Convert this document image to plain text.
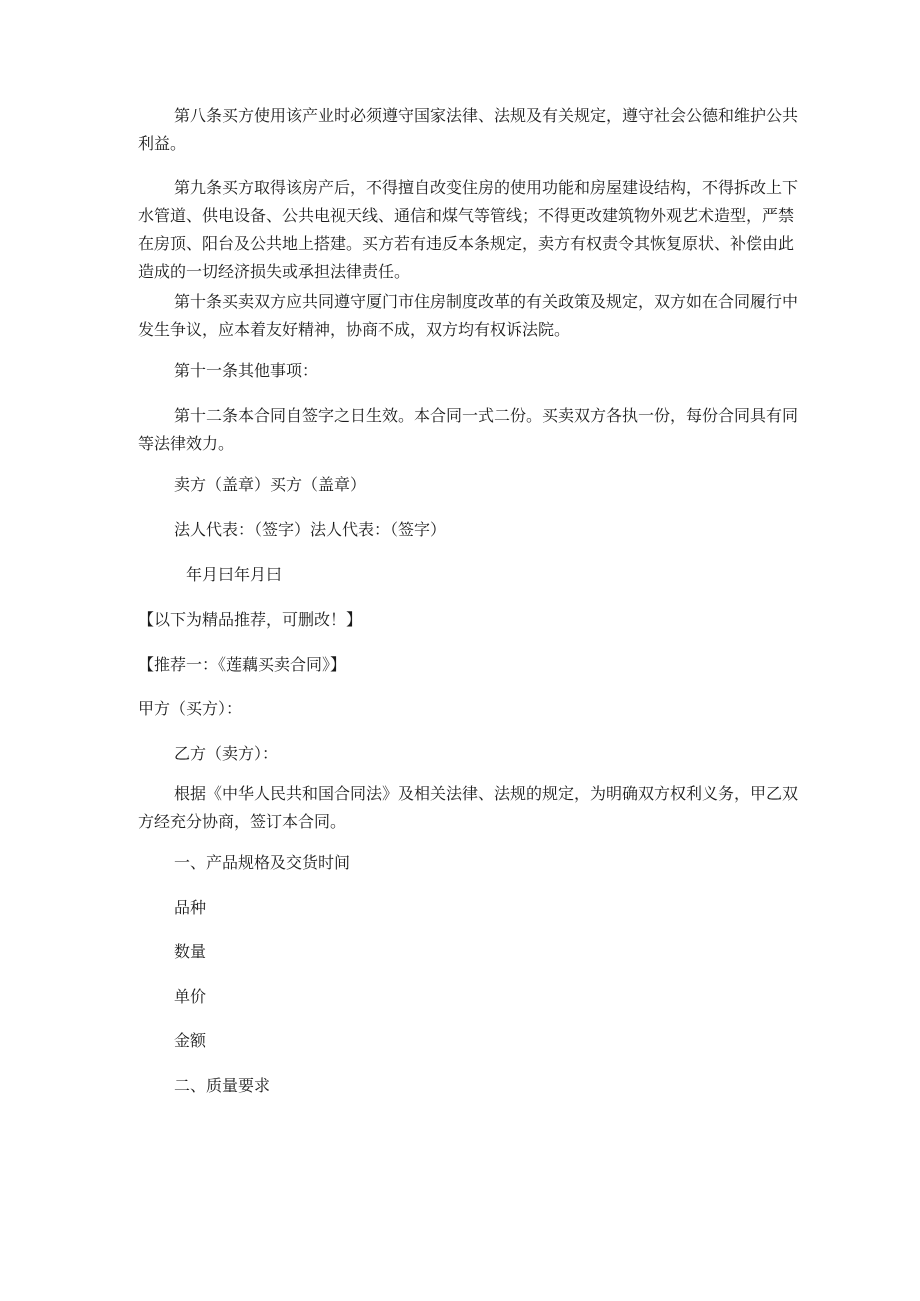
第八条买方使用该产业时必须遵守国家法律、法规及有关规定，遵守社会公德和维护公共利益。

第九条买方取得该房产后，不得擅自改变住房的使用功能和房屋建设结构，不得拆改上下水管道、供电设备、公共电视天线、通信和煤气等管线；不得更改建筑物外观艺术造型，严禁在房顶、阳台及公共地上搭建。买方若有违反本条规定，卖方有权责令其恢复原状、补偿由此造成的一切经济损失或承担法律责任。

第十条买卖双方应共同遵守厦门市住房制度改革的有关政策及规定，双方如在合同履行中发生争议，应本着友好精神，协商不成，双方均有权诉法院。

第十一条其他事项：

第十二条本合同自签字之日生效。本合同一式二份。买卖双方各执一份，每份合同具有同等法律效力。

卖方（盖章）买方（盖章）

法人代表：（签字）法人代表：（签字）

年月曰年月曰

【以下为精品推荐，可删改！】

【推荐一：《莲藕买卖合同》】

甲方（买方）：

乙方（卖方）：

根据《中华人民共和国合同法》及相关法律、法规的规定，为明确双方权利义务，甲乙双方经充分协商，签订本合同。

一、产品规格及交货时间

品种

数量

单价

金额

二、质量要求
